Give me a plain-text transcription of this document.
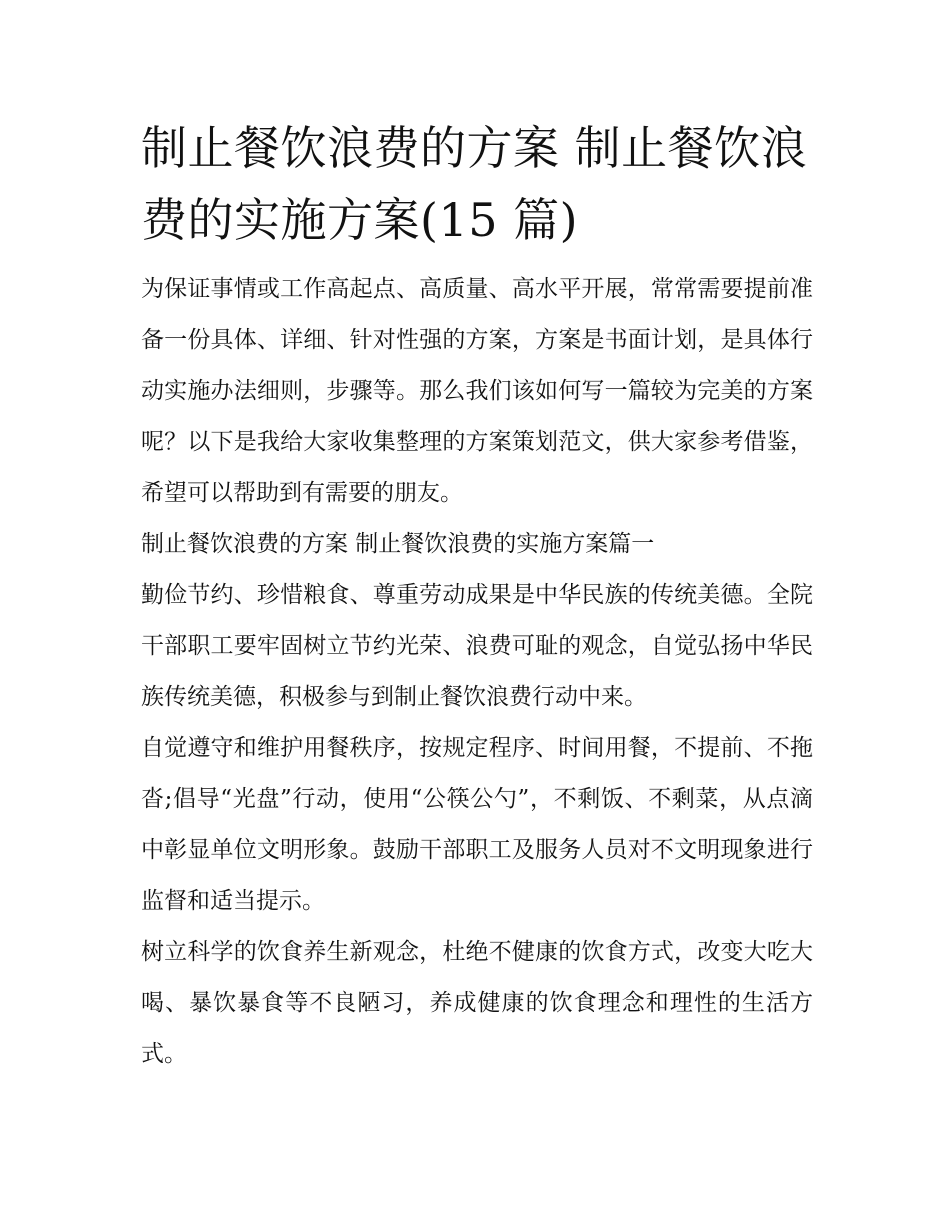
制止餐饮浪费的方案 制止餐饮浪费的实施方案(15 篇)

为保证事情或工作高起点、高质量、高水平开展，常常需要提前准备一份具体、详细、针对性强的方案，方案是书面计划，是具体行动实施办法细则，步骤等。那么我们该如何写一篇较为完美的方案呢？以下是我给大家收集整理的方案策划范文，供大家参考借鉴，希望可以帮助到有需要的朋友。

制止餐饮浪费的方案 制止餐饮浪费的实施方案篇一

勤俭节约、珍惜粮食、尊重劳动成果是中华民族的传统美德。全院干部职工要牢固树立节约光荣、浪费可耻的观念，自觉弘扬中华民族传统美德，积极参与到制止餐饮浪费行动中来。

自觉遵守和维护用餐秩序，按规定程序、时间用餐，不提前、不拖沓;倡导“光盘”行动，使用“公筷公勺”，不剩饭、不剩菜，从点滴中彰显单位文明形象。鼓励干部职工及服务人员对不文明现象进行监督和适当提示。

树立科学的饮食养生新观念，杜绝不健康的饮食方式，改变大吃大喝、暴饮暴食等不良陋习，养成健康的饮食理念和理性的生活方式。
